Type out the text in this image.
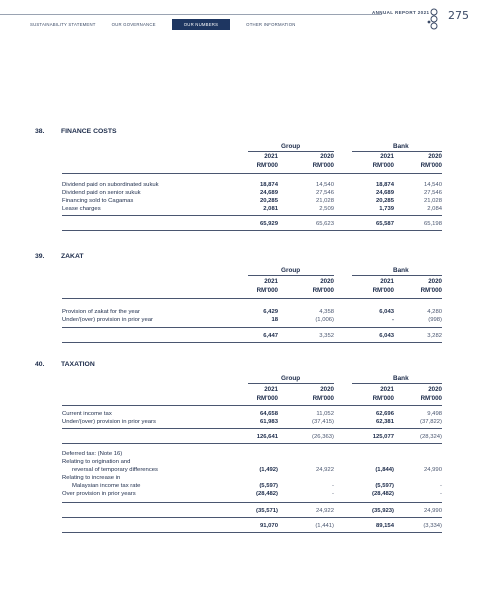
ANNUAL REPORT 2021 275
SUSTAINABILITY STATEMENT	OUR GOVERNANCE	OUR NUMBERS	OTHER INFORMATION
38. FINANCE COSTS
Group	Bank
2021
RM'000
2020
RM'000
2021
RM'000
2020
RM'000
Dividend paid on subordinated sukuk	18,874	14,540	18,874	14,540
Dividend paid on senior sukuk	24,689	27,546	24,689	27,546
Financing sold to Cagamas	20,285	21,028	20,285	21,028
Lease charges	2,081	2,509	1,739	2,084
65,929	65,623	65,587	65,198
39. ZAKAT
Group	Bank
2021
RM'000
2020
RM'000
2021
RM'000
2020
RM'000
Provision of zakat for the year	6,429	4,358	6,043	4,280
Under/(over) provision in prior year	18	(1,006)	-	(998)
6,447	3,352	6,043	3,282
40. TAXATION
Group	Bank
2021
RM'000
2020
RM'000
2021
RM'000
2020
RM'000
Current income tax	64,658	11,052	62,696	9,498
Under/(over) provision in prior years	61,983	(37,415)	62,381	(37,822)
126,641	(26,363)	125,077	(28,324)
Deferred tax: (Note 16)
Relating to origination and
reversal of temporary differences	(1,492)	24,922	(1,844)	24,990
Relating to increase in
Malaysian income tax rate	(5,597)	-	(5,597)	-
Over provision in prior years	(28,482)	-	(28,482)	-
(35,571)	24,922	(35,923)	24,990
91,070	(1,441)	89,154	(3,334)
